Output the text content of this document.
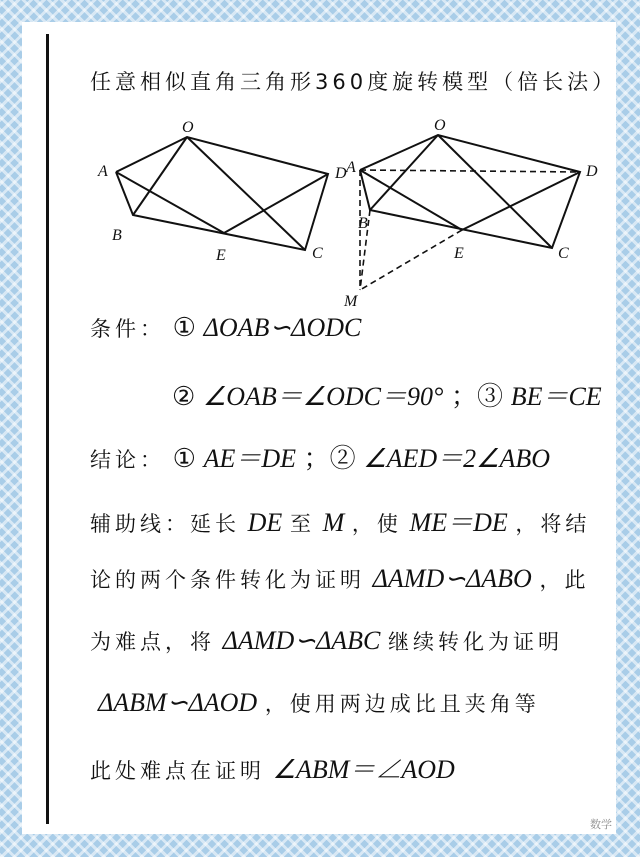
任意相似直角三角形360度旋转模型（倍长法）
O
A
B
E	C
D
O
A
B
E	C
D
M
条件： ① ΔOAB∽ΔODC
② ∠OAB＝∠ODC＝90° ；③ BE＝CE
结论： ① AE＝DE ；② ∠AED＝2∠ABO
辅助线：延长 DE 至 M ，使 ME＝DE ，将结
论的两个条件转化为证明 ΔAMD∽ΔABO ，此
为难点，将 ΔAMD∽ΔABC 继续转化为证明
ΔABM∽ΔAOD ，使用两边成比且夹角等
此处难点在证明 ∠ABM＝∠AOD
数学
